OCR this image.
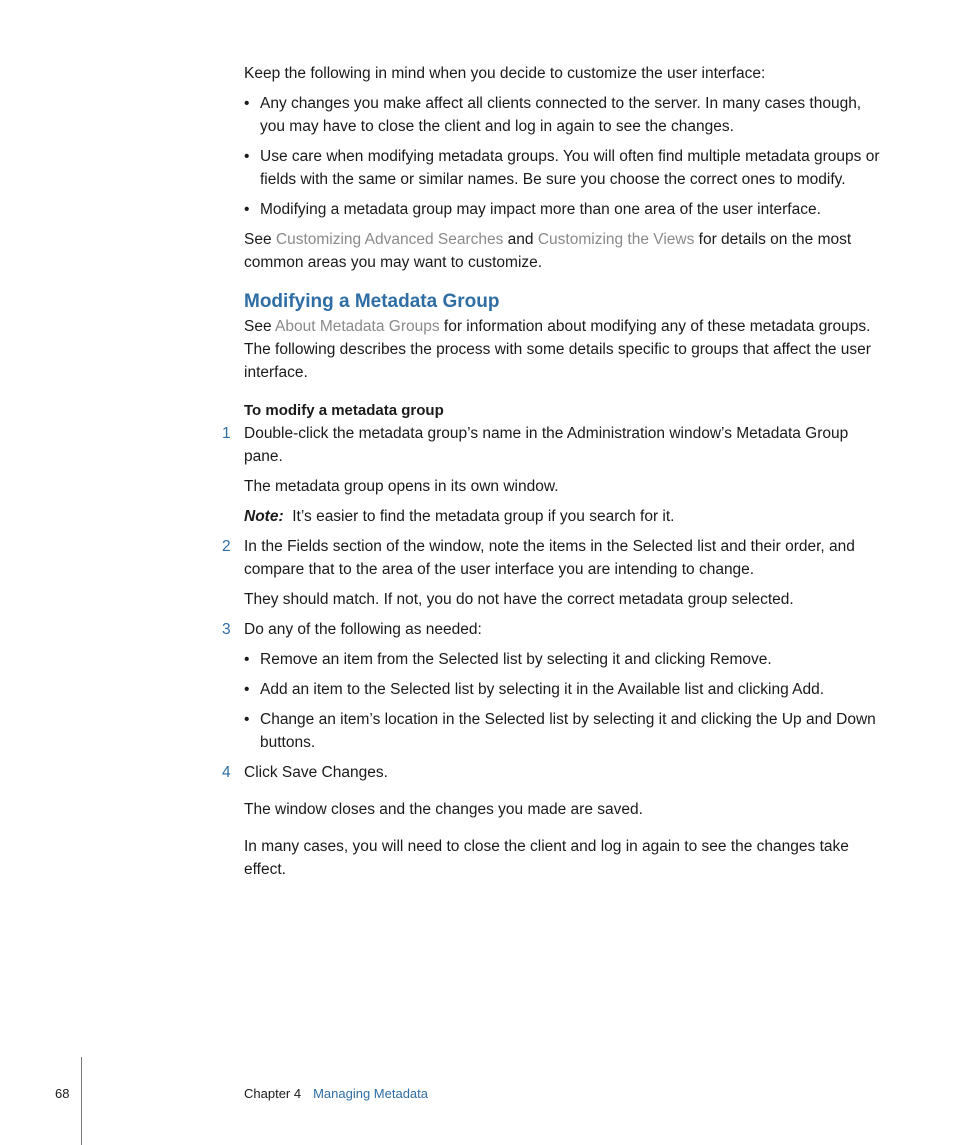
Keep the following in mind when you decide to customize the user interface:

• Any changes you make affect all clients connected to the server. In many cases though, you may have to close the client and log in again to see the changes.
• Use care when modifying metadata groups. You will often find multiple metadata groups or fields with the same or similar names. Be sure you choose the correct ones to modify.
• Modifying a metadata group may impact more than one area of the user interface.

See Customizing Advanced Searches and Customizing the Views for details on the most common areas you may want to customize.

Modifying a Metadata Group

See About Metadata Groups for information about modifying any of these metadata groups. The following describes the process with some details specific to groups that affect the user interface.

To modify a metadata group

1 Double-click the metadata group’s name in the Administration window’s Metadata Group pane.

The metadata group opens in its own window.

Note: It’s easier to find the metadata group if you search for it.

2 In the Fields section of the window, note the items in the Selected list and their order, and compare that to the area of the user interface you are intending to change.

They should match. If not, you do not have the correct metadata group selected.

3 Do any of the following as needed:

• Remove an item from the Selected list by selecting it and clicking Remove.
• Add an item to the Selected list by selecting it in the Available list and clicking Add.
• Change an item’s location in the Selected list by selecting it and clicking the Up and Down buttons.
4 Click Save Changes.

The window closes and the changes you made are saved.

In many cases, you will need to close the client and log in again to see the changes take effect.

68	Chapter 4 Managing Metadata
